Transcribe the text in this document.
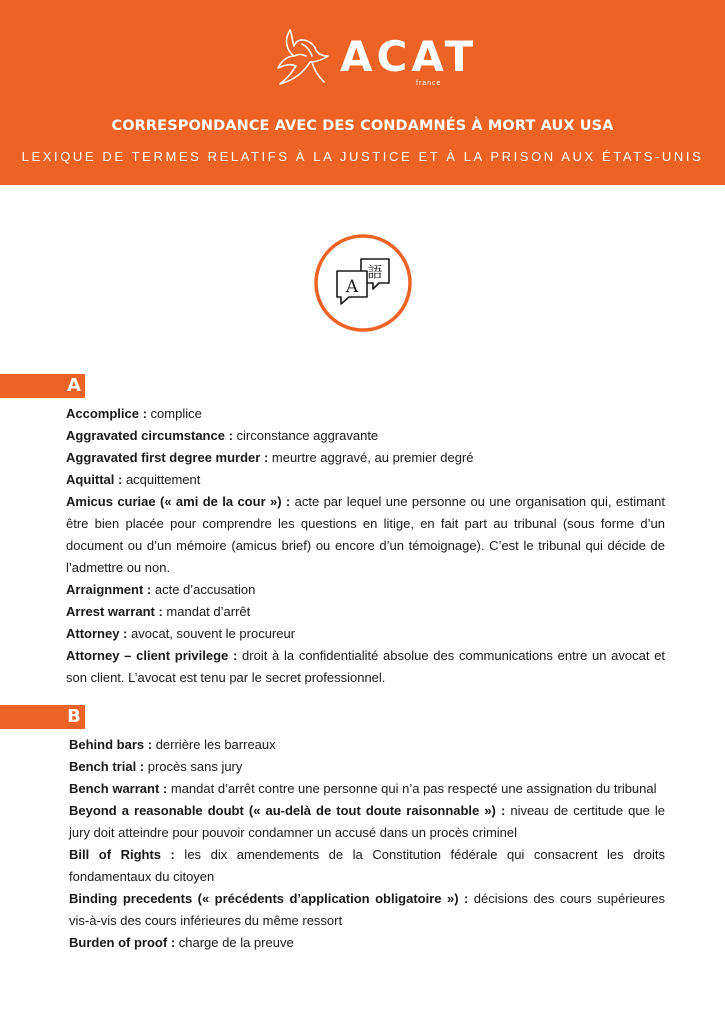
ACAT
france
CORRESPONDANCE AVEC DES CONDAMNÉS À MORT AUX USA
LEXIQUE DE TERMES RELATIFS À LA JUSTICE ET À LA PRISON AUX ÉTATS-UNIS
語
A
A

Accomplice : complice

Aggravated circumstance : circonstance aggravante

Aggravated first degree murder : meurtre aggravé, au premier degré

Aquittal : acquittement

Amicus curiae (« ami de la cour ») : acte par lequel une personne ou une organisation qui, estimant être bien placée pour comprendre les questions en litige, en fait part au tribunal (sous forme d’un document ou d’un mémoire (amicus brief) ou encore d’un témoignage). C’est le tribunal qui décide de l’admettre ou non.

Arraignment : acte d’accusation

Arrest warrant : mandat d’arrêt

Attorney : avocat, souvent le procureur

Attorney – client privilege : droit à la confidentialité absolue des communications entre un avocat et son client. L’avocat est tenu par le secret professionnel.

B

Behind bars : derrière les barreaux

Bench trial : procès sans jury

Bench warrant : mandat d’arrêt contre une personne qui n’a pas respecté une assignation du tribunal

Beyond a reasonable doubt (« au-delà de tout doute raisonnable ») : niveau de certitude que le jury doit atteindre pour pouvoir condamner un accusé dans un procès criminel

Bill of Rights : les dix amendements de la Constitution fédérale qui consacrent les droits fondamentaux du citoyen

Binding precedents (« précédents d’application obligatoire ») : décisions des cours supérieures vis-à-vis des cours inférieures du même ressort

Burden of proof : charge de la preuve
